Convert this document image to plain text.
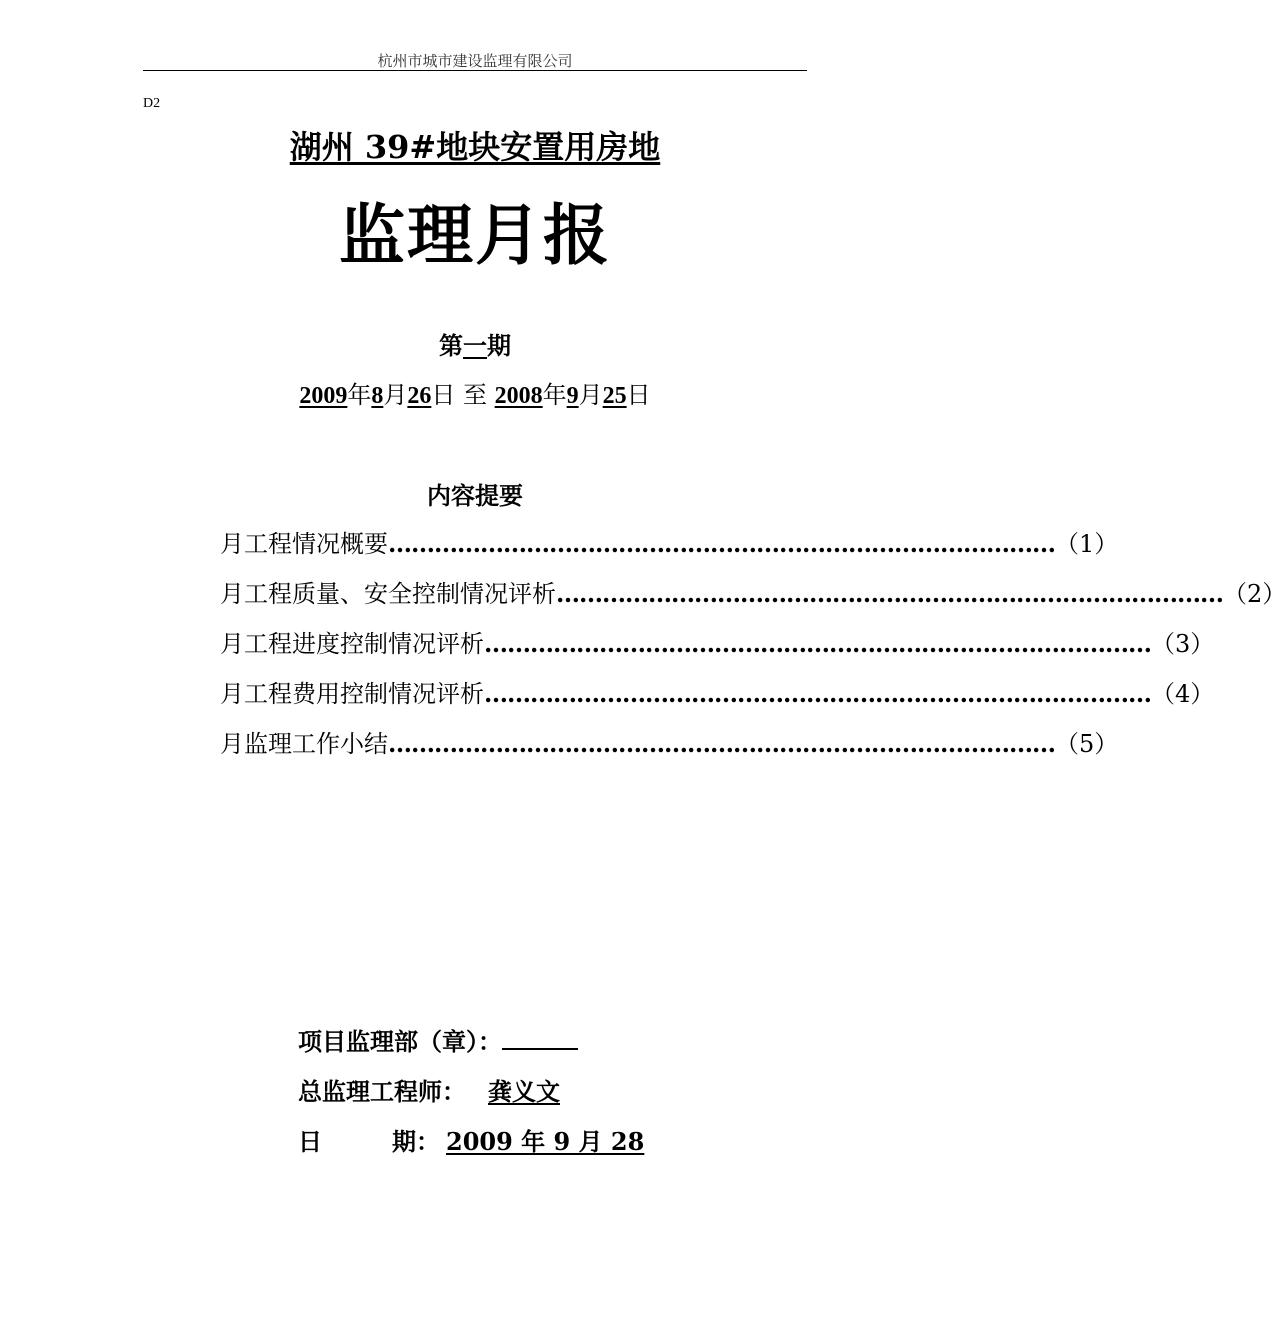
杭州市城市建设监理有限公司
D2
湖州 39#地块安置用房地
监理月报
第一期
2009年8月26日 至 2008年9月25日
内容提要
月工程情况概要 …………………………………………………………………………… （1）
月工程质量、安全控制情况评析 …………………………………………………………………………… （2）
月工程进度控制情况评析 …………………………………………………………………………… （3）
月工程费用控制情况评析 …………………………………………………………………………… （4）
月监理工作小结 …………………………………………………………………………… （5）
项目监理部（章）：
总监理工程师： 龚义文
日	期： 2009 年 9 月 28
